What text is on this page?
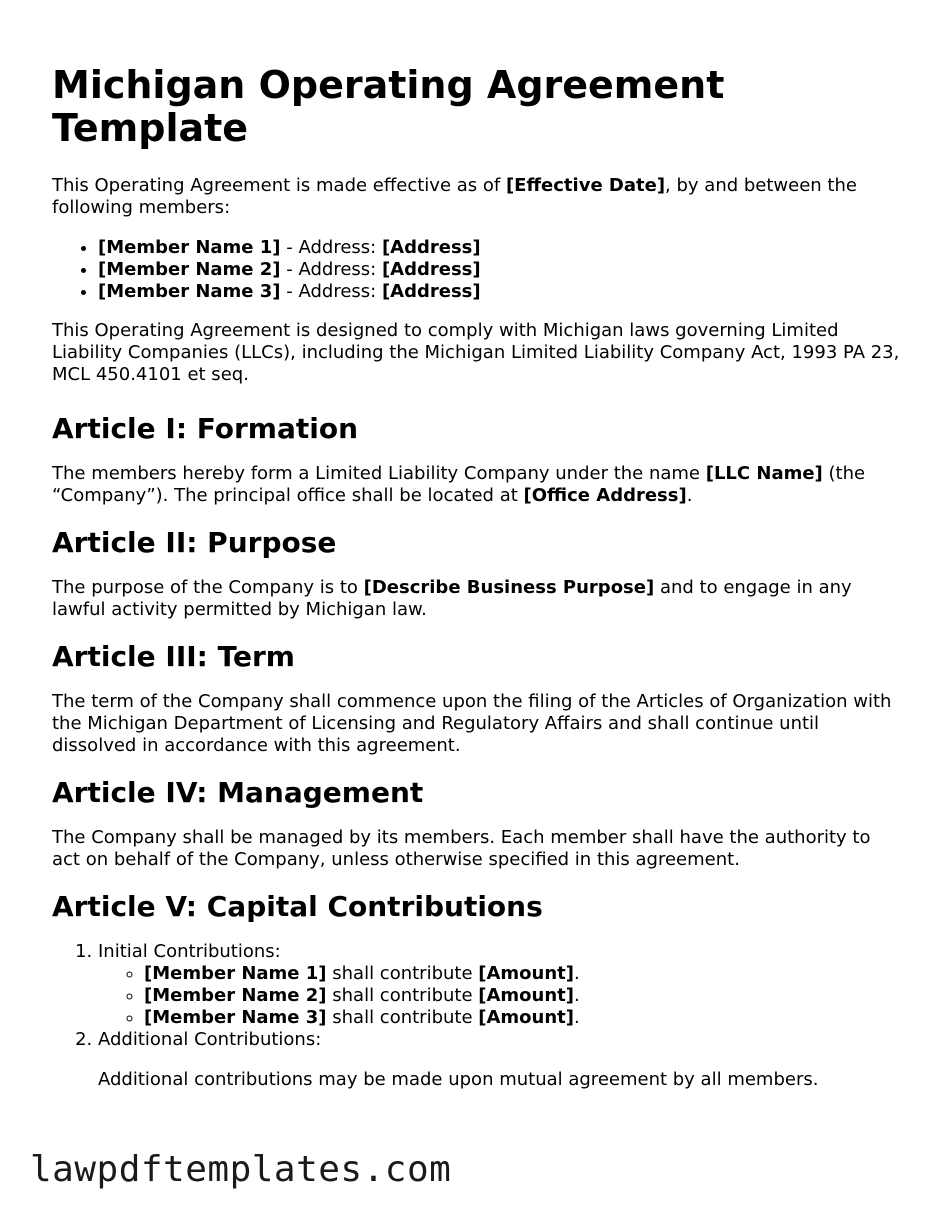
Michigan Operating Agreement Template

This Operating Agreement is made effective as of [Effective Date], by and between the following members:

• [Member Name 1] - Address: [Address]
• [Member Name 2] - Address: [Address]
• [Member Name 3] - Address: [Address]

This Operating Agreement is designed to comply with Michigan laws governing Limited Liability Companies (LLCs), including the Michigan Limited Liability Company Act, 1993 PA 23, MCL 450.4101 et seq.

Article I: Formation

The members hereby form a Limited Liability Company under the name [LLC Name] (the “Company”). The principal office shall be located at [Office Address].

Article II: Purpose

The purpose of the Company is to [Describe Business Purpose] and to engage in any lawful activity permitted by Michigan law.

Article III: Term

The term of the Company shall commence upon the filing of the Articles of Organization with the Michigan Department of Licensing and Regulatory Affairs and shall continue until dissolved in accordance with this agreement.

Article IV: Management

The Company shall be managed by its members. Each member shall have the authority to act on behalf of the Company, unless otherwise specified in this agreement.

Article V: Capital Contributions
1. Initial Contributions:
◦ [Member Name 1] shall contribute [Amount].
◦ [Member Name 2] shall contribute [Amount].
◦ [Member Name 3] shall contribute [Amount].
2. Additional Contributions:

Additional contributions may be made upon mutual agreement by all members.

lawpdftemplates.com
